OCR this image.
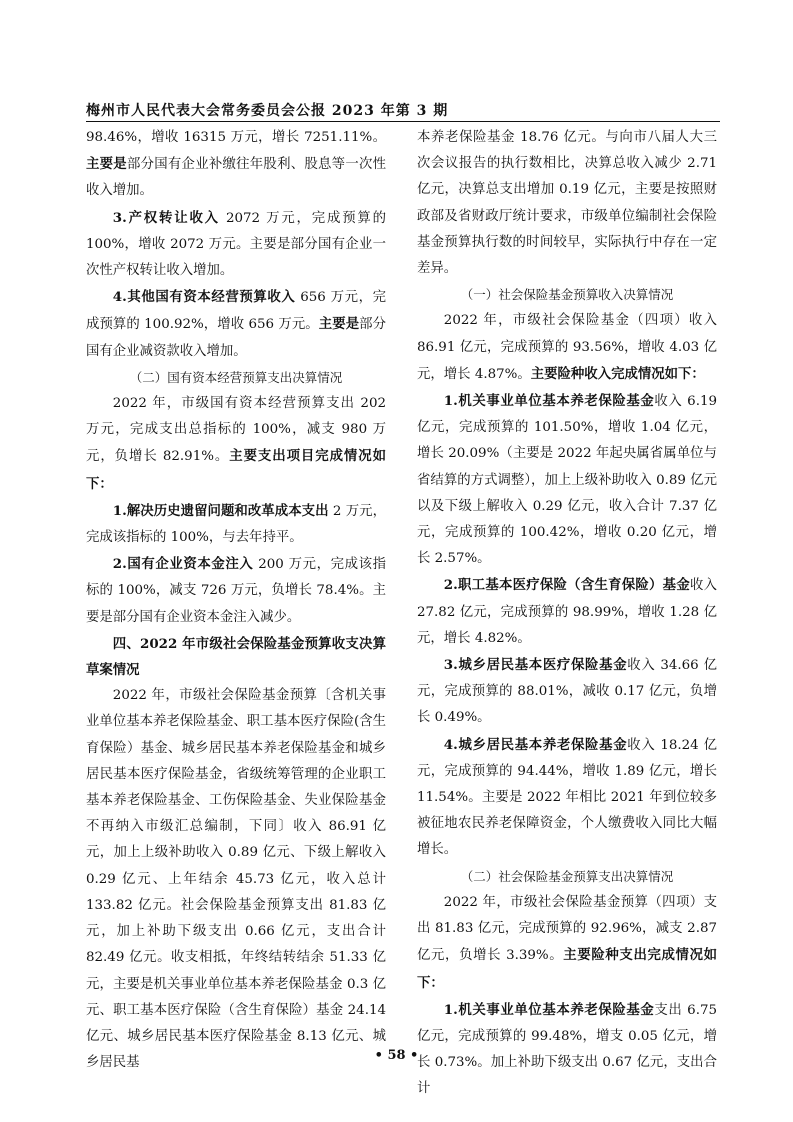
梅州市人民代表大会常务委员会公报 2023 年第 3 期

98.46%，增收 16315 万元，增长 7251.11%。主要是部分国有企业补缴往年股利、股息等一次性收入增加。

3.产权转让收入 2072 万元，完成预算的 100%，增收 2072 万元。主要是部分国有企业一次性产权转让收入增加。

4.其他国有资本经营预算收入 656 万元，完成预算的 100.92%，增收 656 万元。主要是部分国有企业减资款收入增加。

（二）国有资本经营预算支出决算情况

2022 年，市级国有资本经营预算支出 202 万元，完成支出总指标的 100%，减支 980 万元，负增长 82.91%。主要支出项目完成情况如下：

1.解决历史遗留问题和改革成本支出 2 万元，完成该指标的 100%，与去年持平。

2.国有企业资本金注入 200 万元，完成该指标的 100%，减支 726 万元，负增长 78.4%。主要是部分国有企业资本金注入减少。

四、2022 年市级社会保险基金预算收支决算草案情况

2022 年，市级社会保险基金预算〔含机关事业单位基本养老保险基金、职工基本医疗保险(含生育保险）基金、城乡居民基本养老保险基金和城乡居民基本医疗保险基金，省级统筹管理的企业职工基本养老保险基金、工伤保险基金、失业保险基金不再纳入市级汇总编制，下同〕收入 86.91 亿元，加上上级补助收入 0.89 亿元、下级上解收入 0.29 亿元、上年结余 45.73 亿元，收入总计 133.82 亿元。社会保险基金预算支出 81.83 亿元，加上补助下级支出 0.66 亿元，支出合计 82.49 亿元。收支相抵，年终结转结余 51.33 亿元，主要是机关事业单位基本养老保险基金 0.3 亿元、职工基本医疗保险（含生育保险）基金 24.14 亿元、城乡居民基本医疗保险基金 8.13 亿元、城乡居民基

本养老保险基金 18.76 亿元。与向市八届人大三次会议报告的执行数相比，决算总收入减少 2.71 亿元，决算总支出增加 0.19 亿元，主要是按照财政部及省财政厅统计要求，市级单位编制社会保险基金预算执行数的时间较早，实际执行中存在一定差异。

（一）社会保险基金预算收入决算情况

2022 年，市级社会保险基金（四项）收入 86.91 亿元，完成预算的 93.56%，增收 4.03 亿元，增长 4.87%。主要险种收入完成情况如下：

1.机关事业单位基本养老保险基金收入 6.19 亿元，完成预算的 101.50%，增收 1.04 亿元，增长 20.09%（主要是 2022 年起央属省属单位与省结算的方式调整），加上上级补助收入 0.89 亿元以及下级上解收入 0.29 亿元，收入合计 7.37 亿元，完成预算的 100.42%，增收 0.20 亿元，增长 2.57%。

2.职工基本医疗保险（含生育保险）基金收入 27.82 亿元，完成预算的 98.99%，增收 1.28 亿元，增长 4.82%。

3.城乡居民基本医疗保险基金收入 34.66 亿元，完成预算的 88.01%，减收 0.17 亿元，负增长 0.49%。

4.城乡居民基本养老保险基金收入 18.24 亿元，完成预算的 94.44%，增收 1.89 亿元，增长 11.54%。主要是 2022 年相比 2021 年到位较多被征地农民养老保障资金，个人缴费收入同比大幅增长。

（二）社会保险基金预算支出决算情况

2022 年，市级社会保险基金预算（四项）支出 81.83 亿元，完成预算的 92.96%，减支 2.87 亿元，负增长 3.39%。主要险种支出完成情况如下：

1.机关事业单位基本养老保险基金支出 6.75 亿元，完成预算的 99.48%，增支 0.05 亿元，增长 0.73%。加上补助下级支出 0.67 亿元，支出合计

• 58 •
